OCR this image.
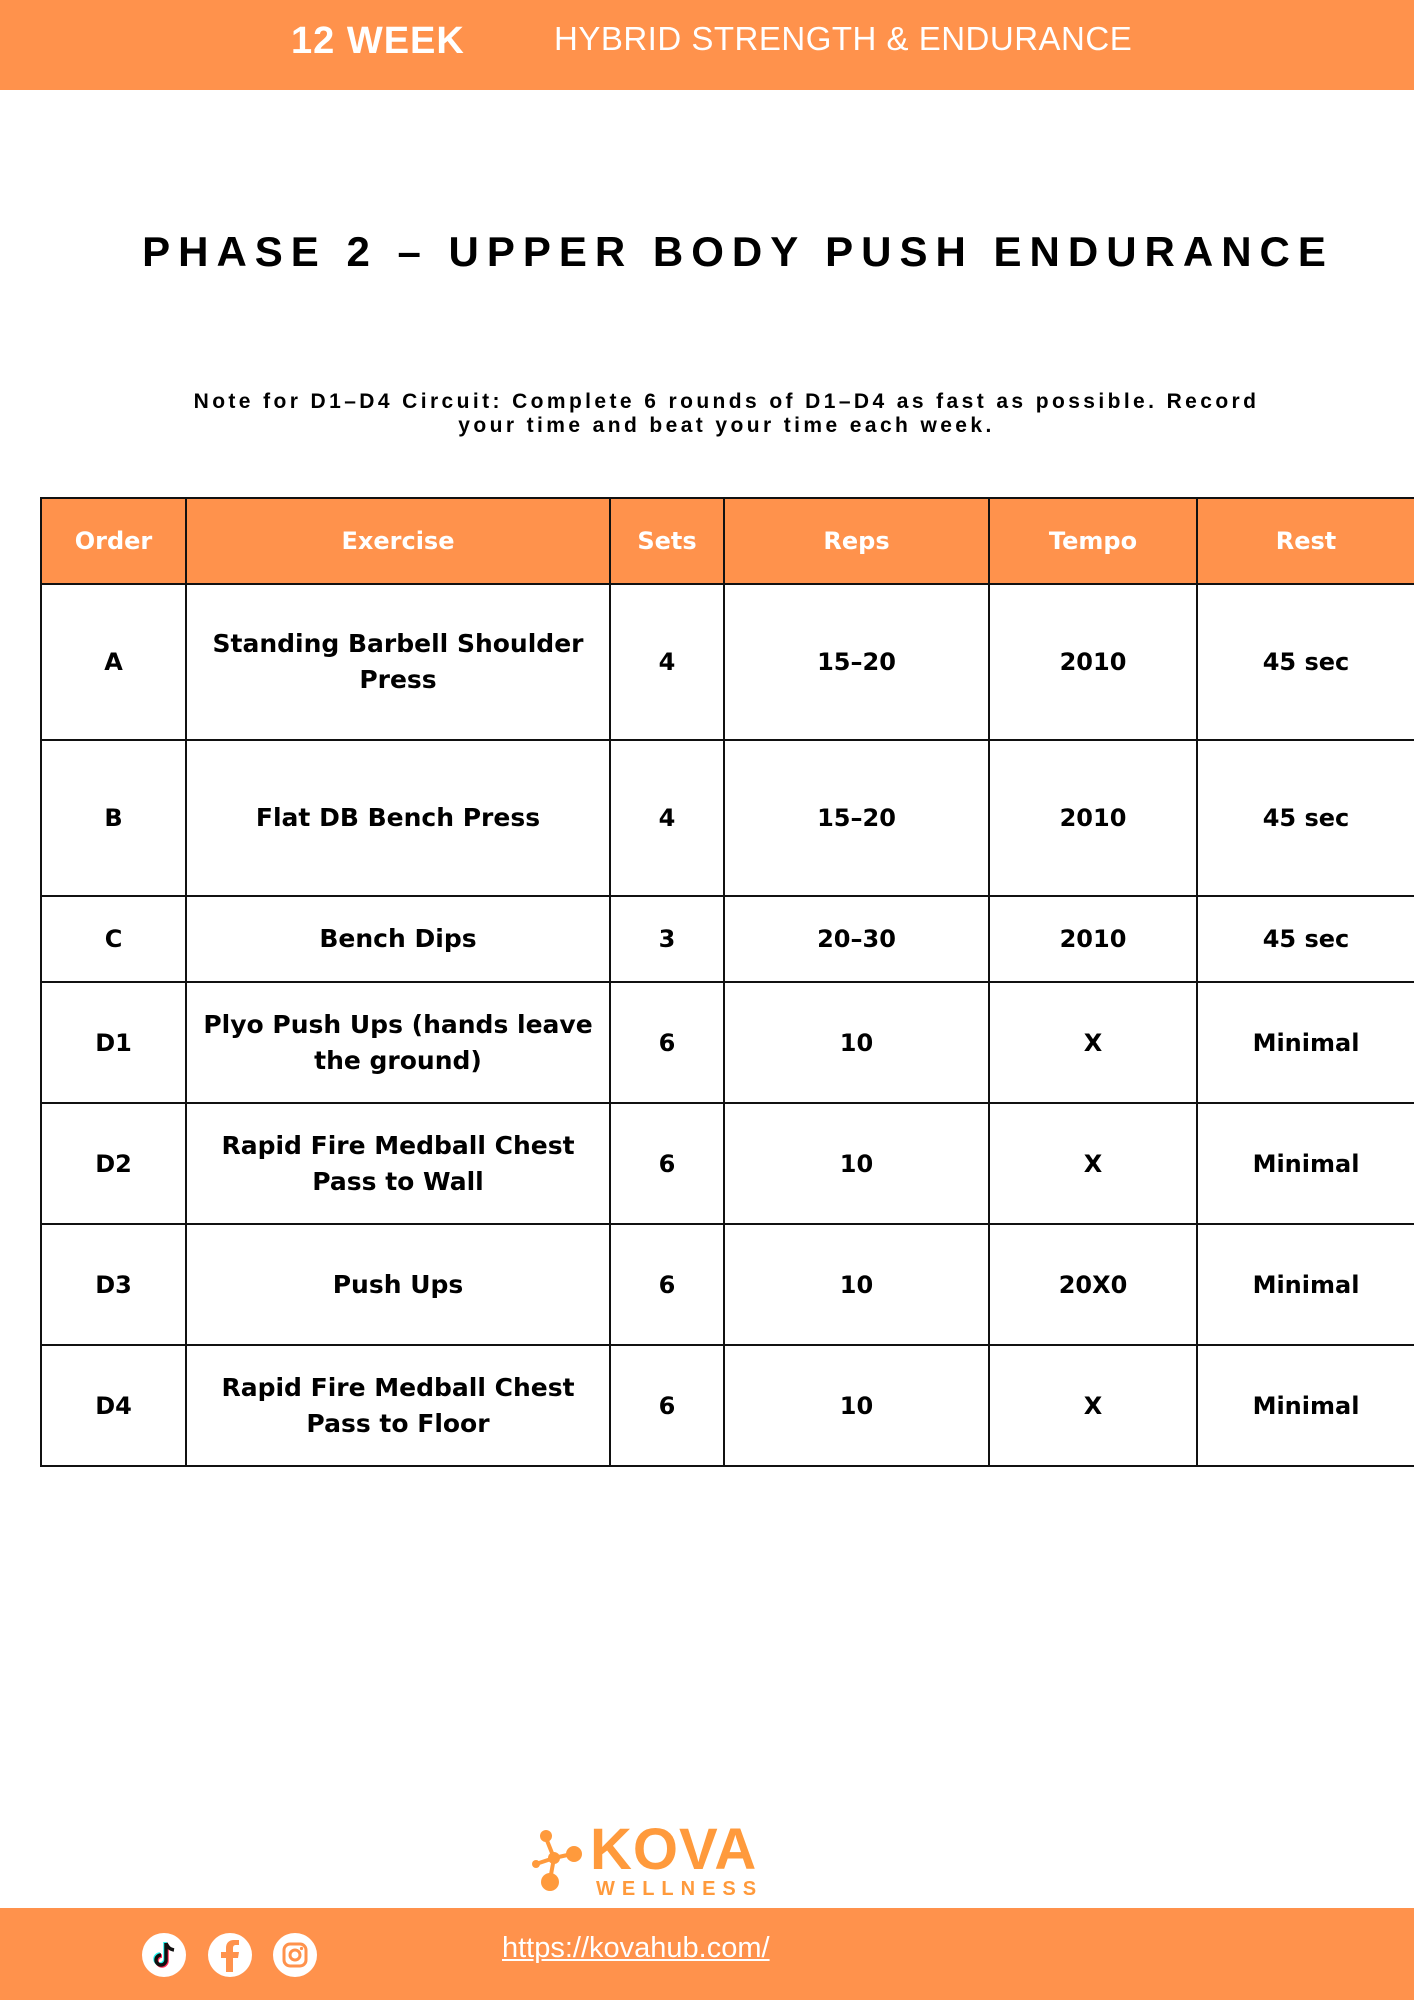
12 WEEK	HYBRID STRENGTH & ENDURANCE
PHASE 2 – UPPER BODY PUSH ENDURANCE
Note for D1–D4 Circuit: Complete 6 rounds of D1–D4 as fast as possible. Record
your time and beat your time each week.
Order	Exercise	Sets	Reps	Tempo	Rest
A	Standing Barbell Shoulder Press	4	15–20	2010	45 sec
B	Flat DB Bench Press	4	15–20	2010	45 sec
C	Bench Dips	3	20–30	2010	45 sec
D1	Plyo Push Ups (hands leave the ground)	6	10	X	Minimal
D2	Rapid Fire Medball Chest Pass to Wall	6	10	X	Minimal
D3	Push Ups	6	10	20X0	Minimal
D4	Rapid Fire Medball Chest Pass to Floor	6	10	X	Minimal
KOVA
WELLNESS
https://kovahub.com/
